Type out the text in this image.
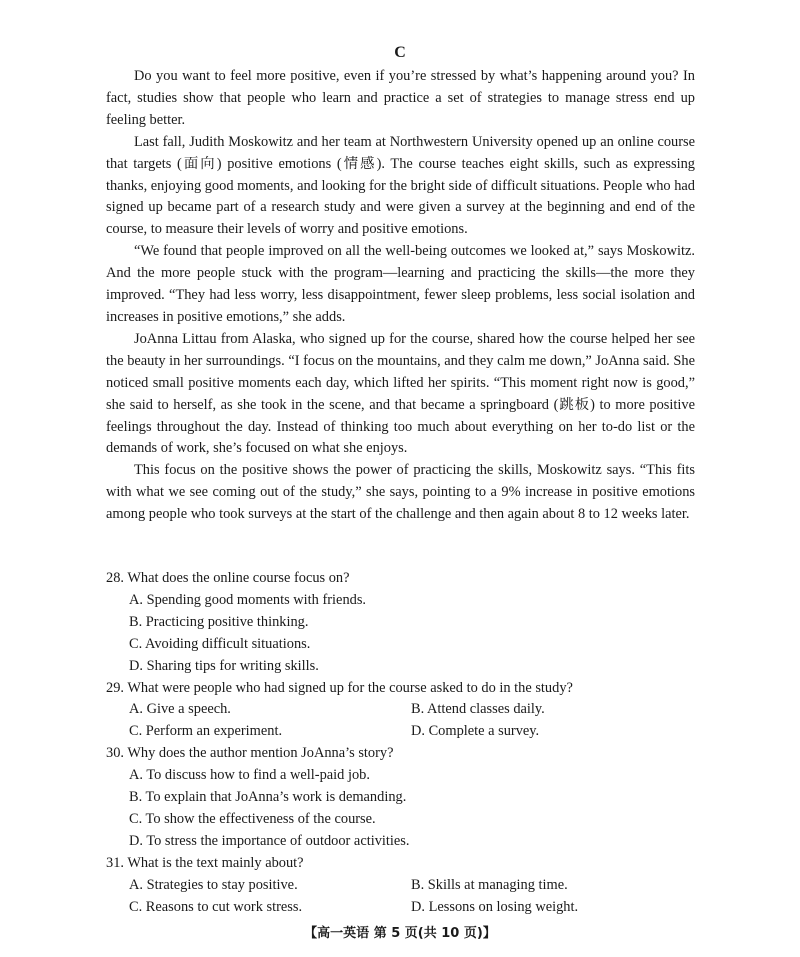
C

Do you want to feel more positive, even if you’re stressed by what’s happening around you? In fact, studies show that people who learn and practice a set of strategies to manage stress end up feeling better.

Last fall, Judith Moskowitz and her team at Northwestern University opened up an online course that targets (面向) positive emotions (情感). The course teaches eight skills, such as expressing thanks, enjoying good moments, and looking for the bright side of difficult situations. People who had signed up became part of a research study and were given a survey at the beginning and end of the course, to measure their levels of worry and positive emotions.

“We found that people improved on all the well-being outcomes we looked at,” says Moskowitz. And the more people stuck with the program—learning and practicing the skills—the more they improved. “They had less worry, less disappointment, fewer sleep problems, less social isolation and increases in positive emotions,” she adds.

JoAnna Littau from Alaska, who signed up for the course, shared how the course helped her see the beauty in her surroundings. “I focus on the mountains, and they calm me down,” JoAnna said. She noticed small positive moments each day, which lifted her spirits. “This moment right now is good,” she said to herself, as she took in the scene, and that became a springboard (跳板) to more positive feelings throughout the day. Instead of thinking too much about everything on her to-do list or the demands of work, she’s focused on what she enjoys.

This focus on the positive shows the power of practicing the skills, Moskowitz says. “This fits with what we see coming out of the study,” she says, pointing to a 9% increase in positive emotions among people who took surveys at the start of the challenge and then again about 8 to 12 weeks later.

28. What does the online course focus on?

A. Spending good moments with friends.

B. Practicing positive thinking.

C. Avoiding difficult situations.

D. Sharing tips for writing skills.

29. What were people who had signed up for the course asked to do in the study?

A. Give a speech.	B. Attend classes daily.

C. Perform an experiment.	D. Complete a survey.

30. Why does the author mention JoAnna’s story?

A. To discuss how to find a well-paid job.

B. To explain that JoAnna’s work is demanding.

C. To show the effectiveness of the course.

D. To stress the importance of outdoor activities.

31. What is the text mainly about?

A. Strategies to stay positive.	B. Skills at managing time.

C. Reasons to cut work stress.	D. Lessons on losing weight.

【高一英语 第 5 页(共 10 页)】
